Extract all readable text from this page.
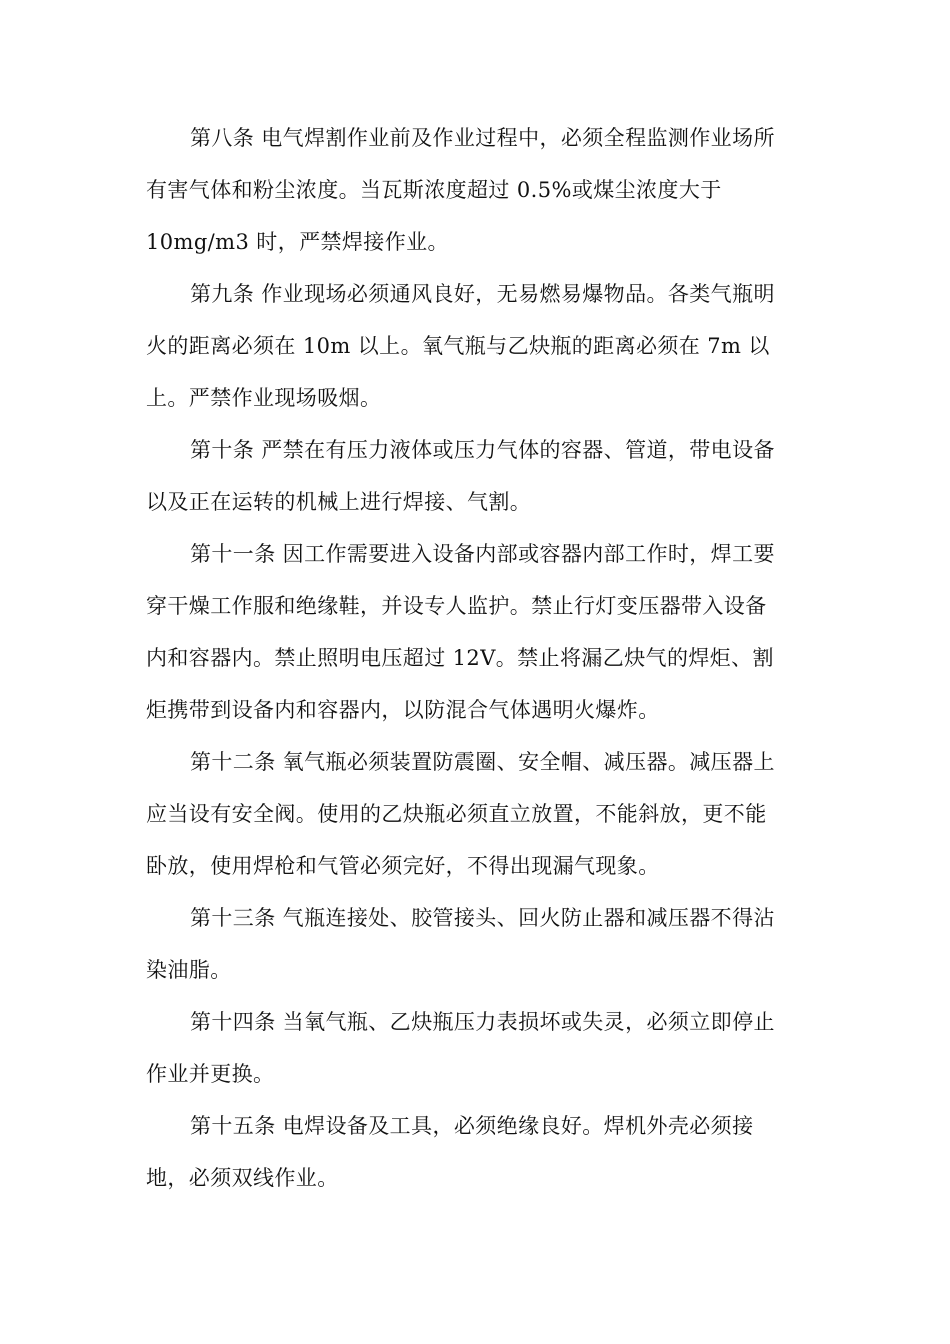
第八条 电气焊割作业前及作业过程中，必须全程监测作业场所
有害气体和粉尘浓度。当瓦斯浓度超过 0.5%或煤尘浓度大于
10mg/m3 时，严禁焊接作业。
第九条 作业现场必须通风良好，无易燃易爆物品。各类气瓶明
火的距离必须在 10m 以上。氧气瓶与乙炔瓶的距离必须在 7m 以
上。严禁作业现场吸烟。
第十条 严禁在有压力液体或压力气体的容器、管道，带电设备
以及正在运转的机械上进行焊接、气割。
第十一条 因工作需要进入设备内部或容器内部工作时，焊工要
穿干燥工作服和绝缘鞋，并设专人监护。禁止行灯变压器带入设备
内和容器内。禁止照明电压超过 12V。禁止将漏乙炔气的焊炬、割
炬携带到设备内和容器内，以防混合气体遇明火爆炸。
第十二条 氧气瓶必须装置防震圈、安全帽、减压器。减压器上
应当设有安全阀。使用的乙炔瓶必须直立放置，不能斜放，更不能
卧放，使用焊枪和气管必须完好，不得出现漏气现象。
第十三条 气瓶连接处、胶管接头、回火防止器和减压器不得沾
染油脂。
第十四条 当氧气瓶、乙炔瓶压力表损坏或失灵，必须立即停止
作业并更换。
第十五条 电焊设备及工具，必须绝缘良好。焊机外壳必须接
地，必须双线作业。
